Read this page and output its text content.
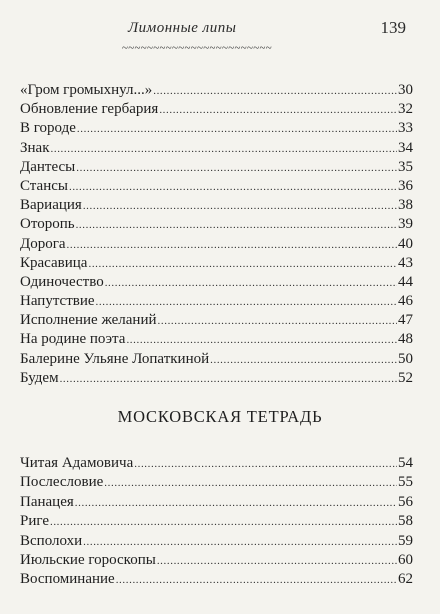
Лимонные липы	139
~~~~~~~~~~~~~~~~~~~~~~~~
«Гром громыхнул...» .....	30
Обновление гербария .....	32
В городе .....	33
Знак .....	34
Дантесы .....	35
Стансы .....	36
Вариация .....	38
Оторопь .....	39
Дорога .....	40
Красавица .....	43
Одиночество .....	44
Напутствие .....	46
Исполнение желаний .....	47
На родине поэта .....	48
Балерине Ульяне Лопаткиной .....	50
Будем .....	52
МОСКОВСКАЯ ТЕТРАДЬ
Читая Адамовича .....	54
Послесловие .....	55
Панацея .....	56
Риге .....	58
Всполохи .....	59
Июльские гороскопы .....	60
Воспоминание .....	62
